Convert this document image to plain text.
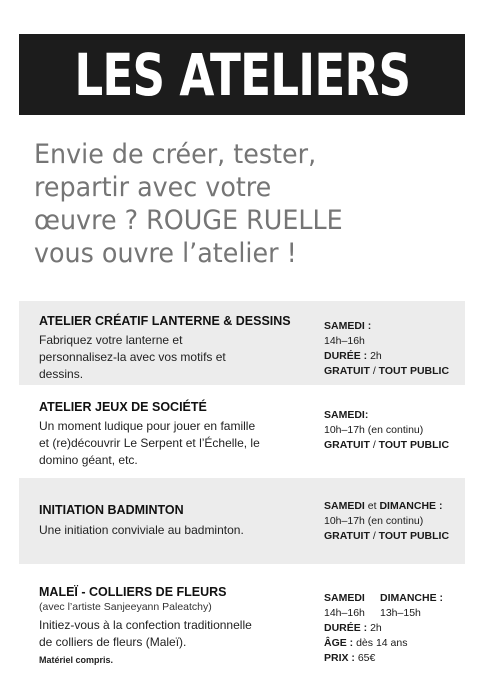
LES ATELIERS
Envie de créer, tester,
repartir avec votre
œuvre ? ROUGE RUELLE
vous ouvre l’atelier !
ATELIER CRÉATIF LANTERNE & DESSINS
Fabriquez votre lanterne et
personnalisez-la avec vos motifs et
dessins.
SAMEDI :
14h–16h
DURÉE : 2h
GRATUIT / TOUT PUBLIC
ATELIER JEUX DE SOCIÉTÉ
Un moment ludique pour jouer en famille
et (re)découvrir Le Serpent et l’Échelle, le
domino géant, etc.
SAMEDI:
10h–17h (en continu)
GRATUIT / TOUT PUBLIC
INITIATION BADMINTON
Une initiation conviviale au badminton.
SAMEDI et DIMANCHE :
10h–17h (en continu)
GRATUIT / TOUT PUBLIC
MALEÏ - COLLIERS DE FLEURS
(avec l’artiste Sanjeeyann Paleatchy)
Initiez-vous à la confection traditionnelle
de colliers de fleurs (Maleï).
Matériel compris.
SAMEDI DIMANCHE :
14h–16h 13h–15h
DURÉE : 2h
ÂGE : dès 14 ans
PRIX : 65€
